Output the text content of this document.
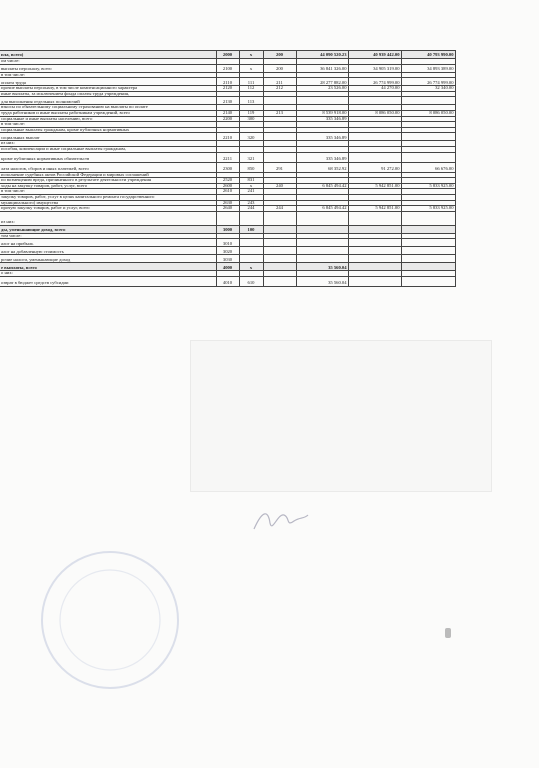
пла, всего)	2000	x	200	44 090 520.23	40 939 442.00	40 793 990.00
ом числе:						
выплаты персоналу, всего	2100	x	200	36 841 326.00	34 905 319.00	34 893 389.00
в том числе:						
оплата труда	2110	111	211	28 277 882.00	26 774 999.00	26 774 999.00
прочие выплаты персоналу, в том числе компенсационного характера	2120	112	212	23 526.00	44 270.00	32 340.00
иные выплаты, за исключением фонда оплаты труда учреждения,						
для выполнения отдельных полномочий	2130	113				
взносы по обязательному социальному страхованию на выплаты по оплате						
труда работников и иные выплаты работникам учреждений, всего	2140	119	213	8 539 918.00	8 086 050.00	8 086 050.00
социальные и иные выплаты населению, всего	2200	300		335 346.89		
в том числе:						
социальные выплаты гражданам, кроме публичных нормативных						
социальных выплат	2210	320		335 346.89		
из них:						
пособия, компенсации и иные социальные выплаты гражданам,						
кроме публичных нормативных обязательств	2211	321		335 346.89		
лата налогов, сборов и иных платежей, всего	2300	850	291	68 352.92	91 272.00	66 676.00
исполнение судебных актов Российской Федерации и мировых соглашений						
по возмещению вреда, причиненного в результате деятельности учреждения	2520	831				
ходы на закупку товаров, работ, услуг, всего	2600	x	240	6 845 494.42	5 942 851.00	5 833 925.00
в том числе:	2610	241				
закупку товаров, работ, услуг в целях капитального ремонта государственного						
муниципального) имущества	2630	243				
прочую закупку товаров, работ и услуг, всего	2640	244	244	6 845 494.42	5 942 851.00	5 833 925.00
из них:						
ды, уменьшающие доход, всего	3000	100				
том числе:						
алог на прибыль	3010					
алог на добавленную стоимость	3020					
рочие налоги, уменьшающие доход	3030					
е выплаты, всего	4000	x		35 560.04		
о них:						
озврат в бюджет средств субсидии	4010	610		35 560.04		
